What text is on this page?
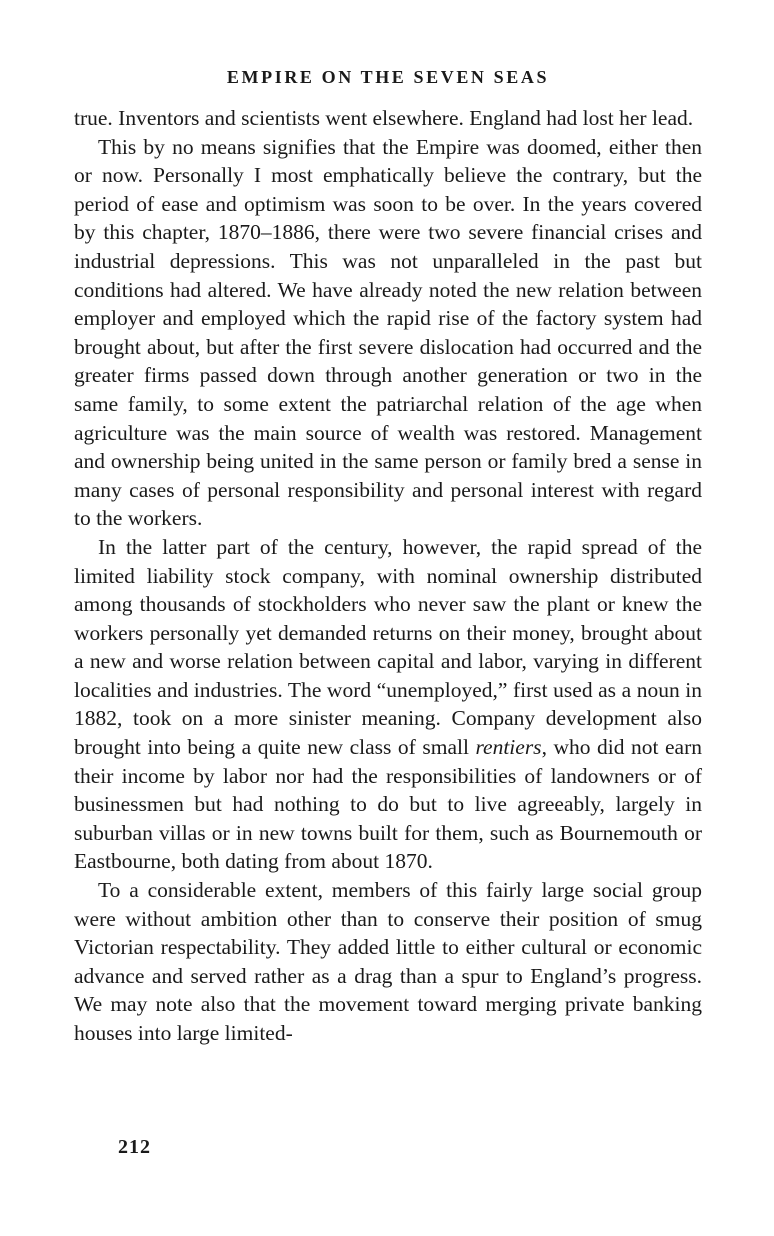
EMPIRE ON THE SEVEN SEAS

true. Inventors and scientists went elsewhere. England had lost her lead.

This by no means signifies that the Empire was doomed, either then or now. Personally I most emphatically believe the contrary, but the period of ease and optimism was soon to be over. In the years covered by this chapter, 1870–1886, there were two severe financial crises and industrial depressions. This was not unparalleled in the past but conditions had altered. We have already noted the new relation between employer and employed which the rapid rise of the factory system had brought about, but after the first severe dislocation had occurred and the greater firms passed down through another generation or two in the same family, to some extent the patriarchal relation of the age when agriculture was the main source of wealth was restored. Management and ownership being united in the same person or family bred a sense in many cases of personal responsibility and personal interest with regard to the workers.

In the latter part of the century, however, the rapid spread of the limited liability stock company, with nominal ownership distributed among thousands of stockholders who never saw the plant or knew the workers personally yet demanded returns on their money, brought about a new and worse relation between capital and labor, varying in different localities and industries. The word “unemployed,” first used as a noun in 1882, took on a more sinister meaning. Company development also brought into being a quite new class of small rentiers, who did not earn their income by labor nor had the responsibilities of landowners or of businessmen but had nothing to do but to live agreeably, largely in suburban villas or in new towns built for them, such as Bournemouth or Eastbourne, both dating from about 1870.

To a considerable extent, members of this fairly large social group were without ambition other than to conserve their position of smug Victorian respectability. They added little to either cultural or economic advance and served rather as a drag than a spur to England’s progress. We may note also that the movement toward merging private banking houses into large limited-

212
